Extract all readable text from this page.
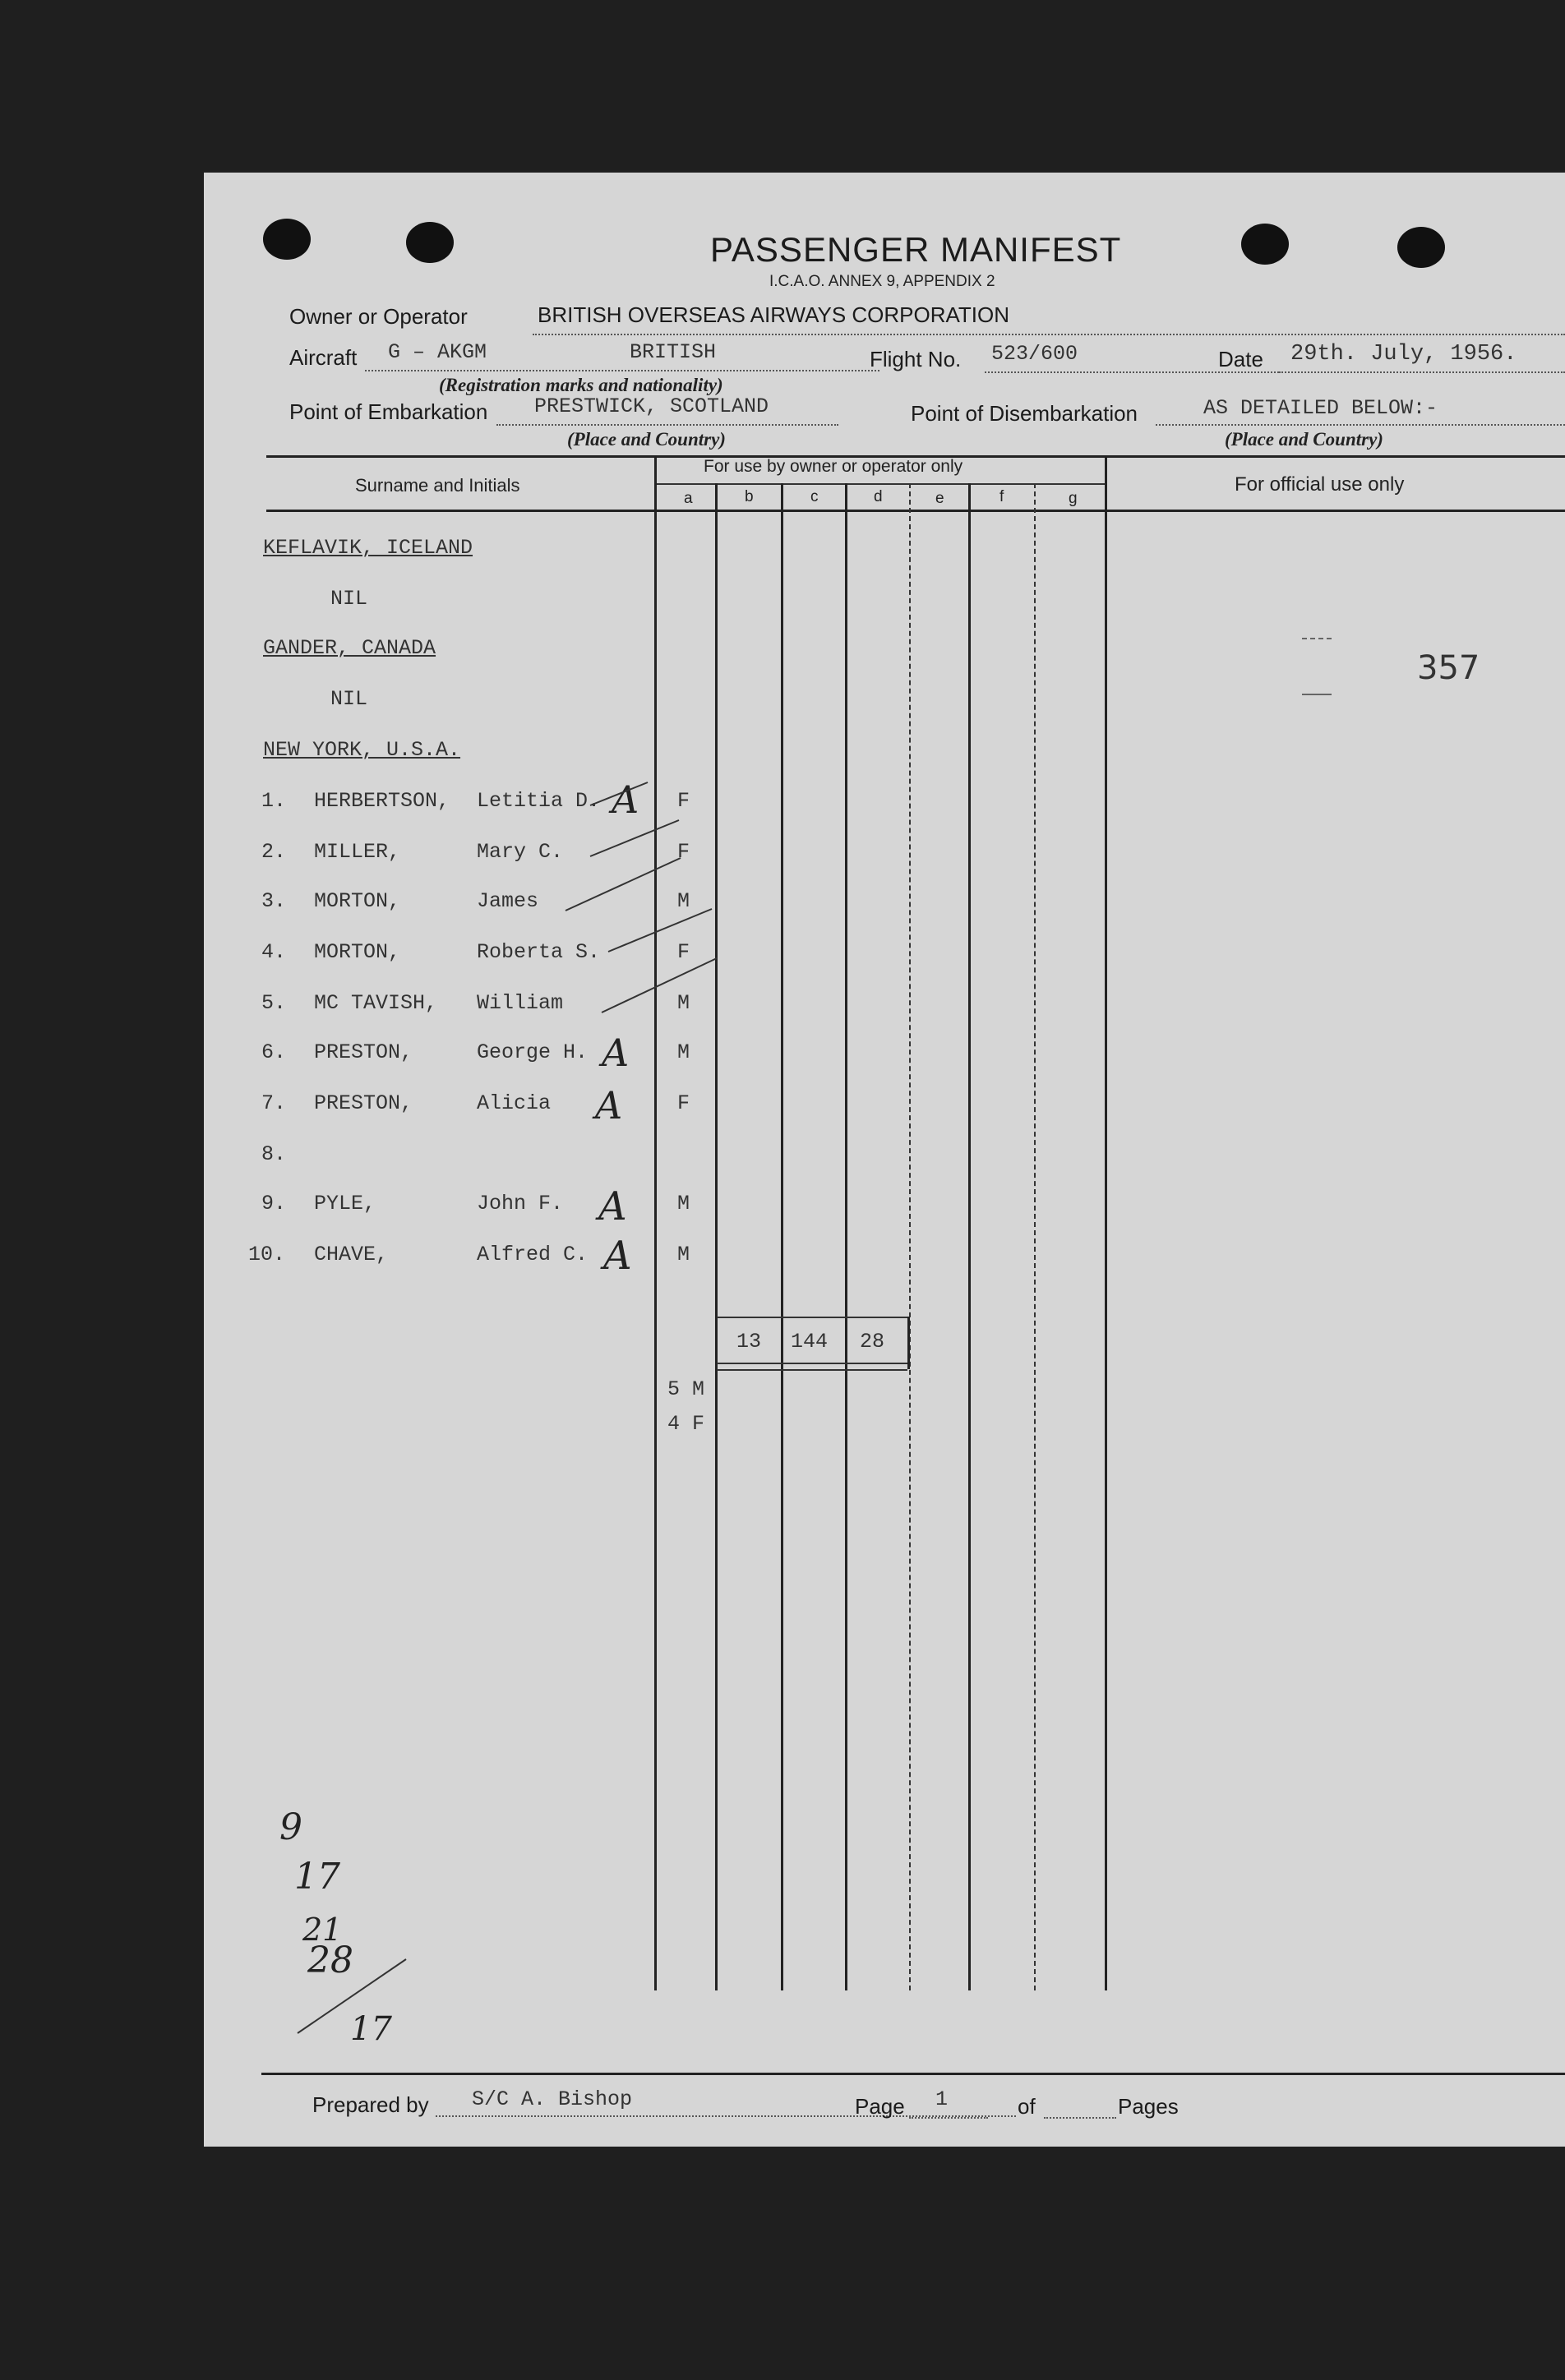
PASSENGER MANIFEST
I.C.A.O. ANNEX 9, APPENDIX 2
Owner or Operator	BRITISH OVERSEAS AIRWAYS CORPORATION
Aircraft G – AKGM	BRITISH	Flight No. 523/600	Date 29th. July, 1956.
(Registration marks and nationality)
Point of Embarkation PRESTWICK, SCOTLAND	Point of Disembarkation	AS DETAILED BELOW:-
(Place and Country)	(Place and Country)
Surname and Initials
For use by owner or operator only
a	b	c	d	e	f	g
For official use only
KEFLAVIK, ICELAND
NIL
GANDER, CANADA
NIL
NEW YORK, U.S.A.
1. HERBERTSON, Letitia D. A F
2. MILLER,	Mary C.	F
3. MORTON,	James	M
4. MORTON,	Roberta S.	F
5. MC TAVISH, William	M
6. PRESTON,	George H. A M
7. PRESTON,	Alicia A	F
8.
9. PYLE,	John F. A M
10. CHAVE,	Alfred C. A M
13 144 28
5 M
4 F
357
9
17
21
28
17
Prepared by S/C A. Bishop	Page 1	of	Pages
